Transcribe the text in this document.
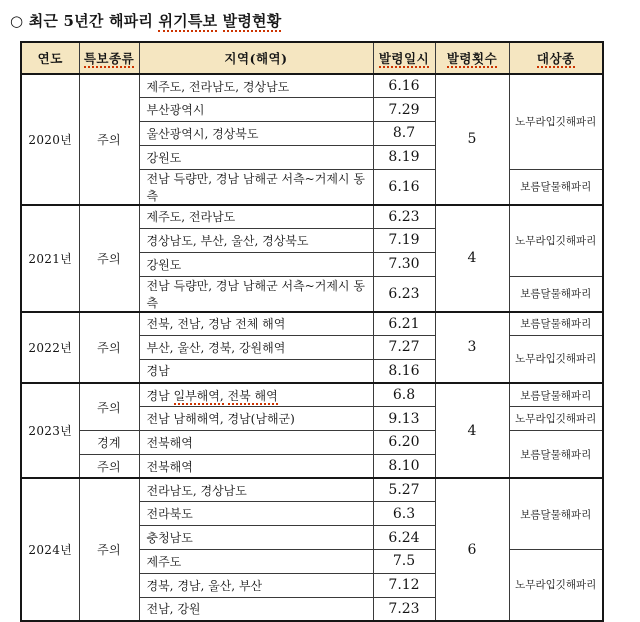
○ 최근 5년간 해파리 위기특보 발령현황
연도	특보종류	지역(해역)	발령일시	발령횟수	대상종
2020년	주의	제주도, 전라남도, 경상남도	6.16	5	노무라입깃해파리
		부산광역시	7.29		
		울산광역시, 경상북도	8.7		
		강원도	8.19		
		전남 득량만, 경남 남해군 서측~거제시 동측	6.16		보름달물해파리
2021년	주의	제주도, 전라남도	6.23	4	노무라입깃해파리
		경상남도, 부산, 울산, 경상북도	7.19		
		강원도	7.30		
		전남 득량만, 경남 남해군 서측~거제시 동측	6.23		보름달물해파리
2022년	주의	전북, 전남, 경남 전체 해역	6.21	3	보름달물해파리
		부산, 울산, 경북, 강원해역	7.27		노무라입깃해파리
		경남	8.16		
2023년	주의	경남 일부해역, 전북 해역	6.8	4	보름달물해파리
		전남 남해해역, 경남(남해군)	9.13		노무라입깃해파리
	경계	전북해역	6.20		보름달물해파리
	주의	전북해역	8.10		
2024년	주의	전라남도, 경상남도	5.27	6	보름달물해파리
		전라북도	6.3		
		충청남도	6.24		
		제주도	7.5		노무라입깃해파리
		경북, 경남, 울산, 부산	7.12		
		전남, 강원	7.23		
